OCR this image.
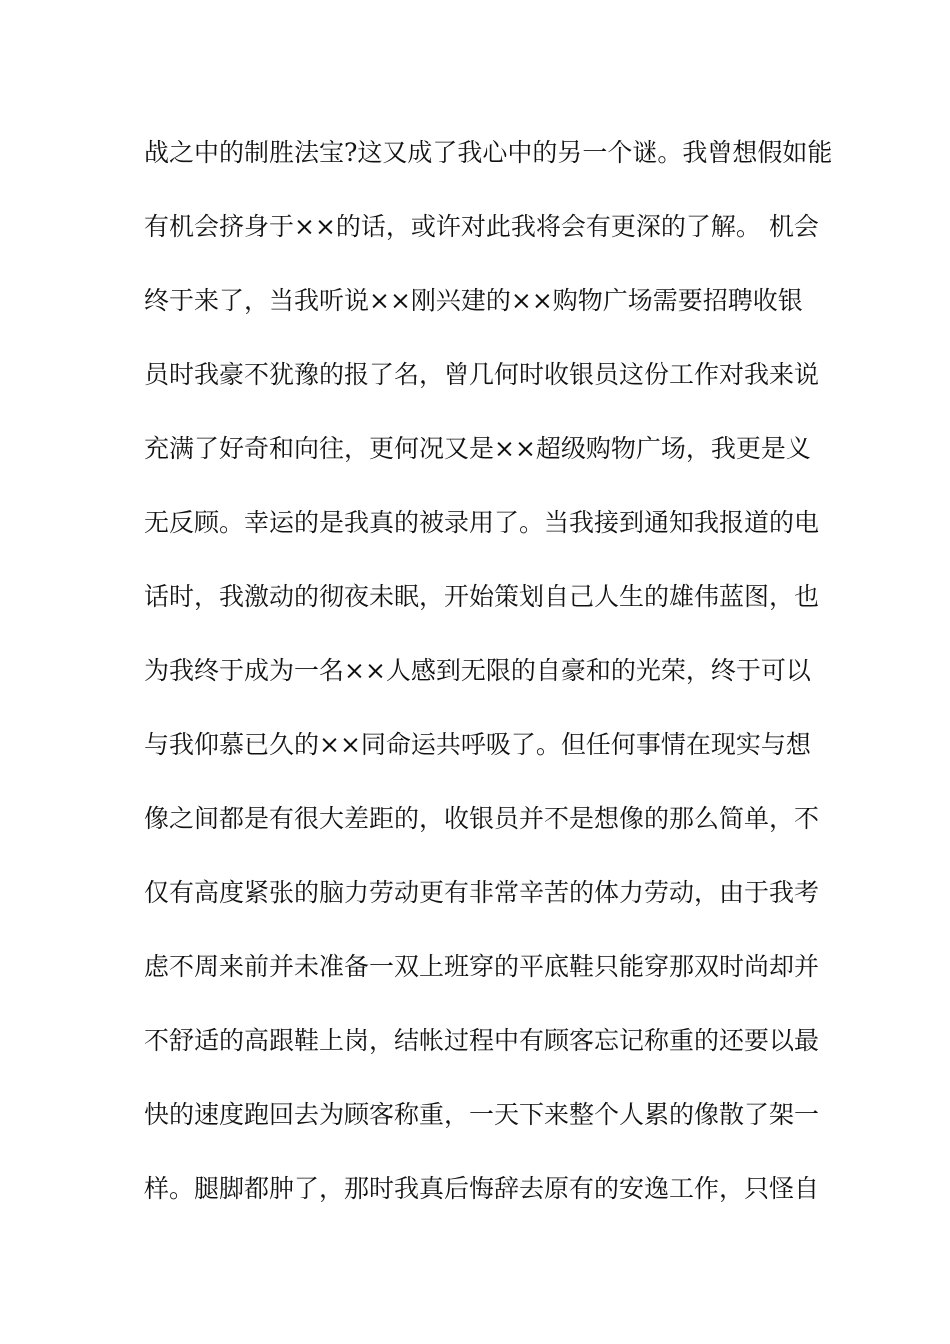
战之中的制胜法宝?这又成了我心中的另一个谜。我曾想假如能
有机会挤身于××的话，或许对此我将会有更深的了解。 机会
终于来了，当我听说××刚兴建的××购物广场需要招聘收银
员时我豪不犹豫的报了名，曾几何时收银员这份工作对我来说
充满了好奇和向往，更何况又是××超级购物广场，我更是义
无反顾。幸运的是我真的被录用了。当我接到通知我报道的电
话时，我激动的彻夜未眠，开始策划自己人生的雄伟蓝图，也
为我终于成为一名××人感到无限的自豪和的光荣，终于可以
与我仰慕已久的××同命运共呼吸了。但任何事情在现实与想
像之间都是有很大差距的，收银员并不是想像的那么简单，不
仅有高度紧张的脑力劳动更有非常辛苦的体力劳动，由于我考
虑不周来前并未准备一双上班穿的平底鞋只能穿那双时尚却并
不舒适的高跟鞋上岗，结帐过程中有顾客忘记称重的还要以最
快的速度跑回去为顾客称重，一天下来整个人累的像散了架一
样。腿脚都肿了，那时我真后悔辞去原有的安逸工作，只怪自
